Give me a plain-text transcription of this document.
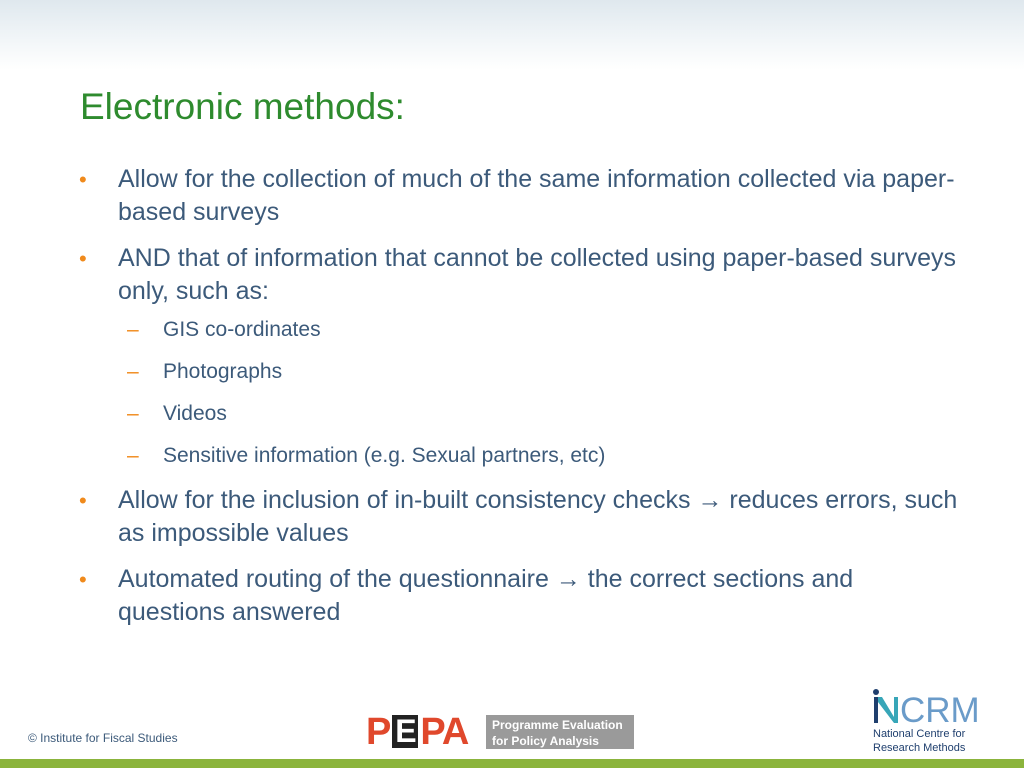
Electronic methods:
• Allow for the collection of much of the same information collected via paper-based surveys
• AND that of information that cannot be collected using paper-based surveys only, such as:
– GIS co-ordinates
– Photographs
– Videos
– Sensitive information (e.g. Sexual partners, etc)
• Allow for the inclusion of in-built consistency checks → reduces errors, such as impossible values
• Automated routing of the questionnaire → the correct sections and questions answered
© Institute for Fiscal Studies	P E PA Programme Evaluation
for Policy Analysis
CRM
National Centre for
Research Methods
